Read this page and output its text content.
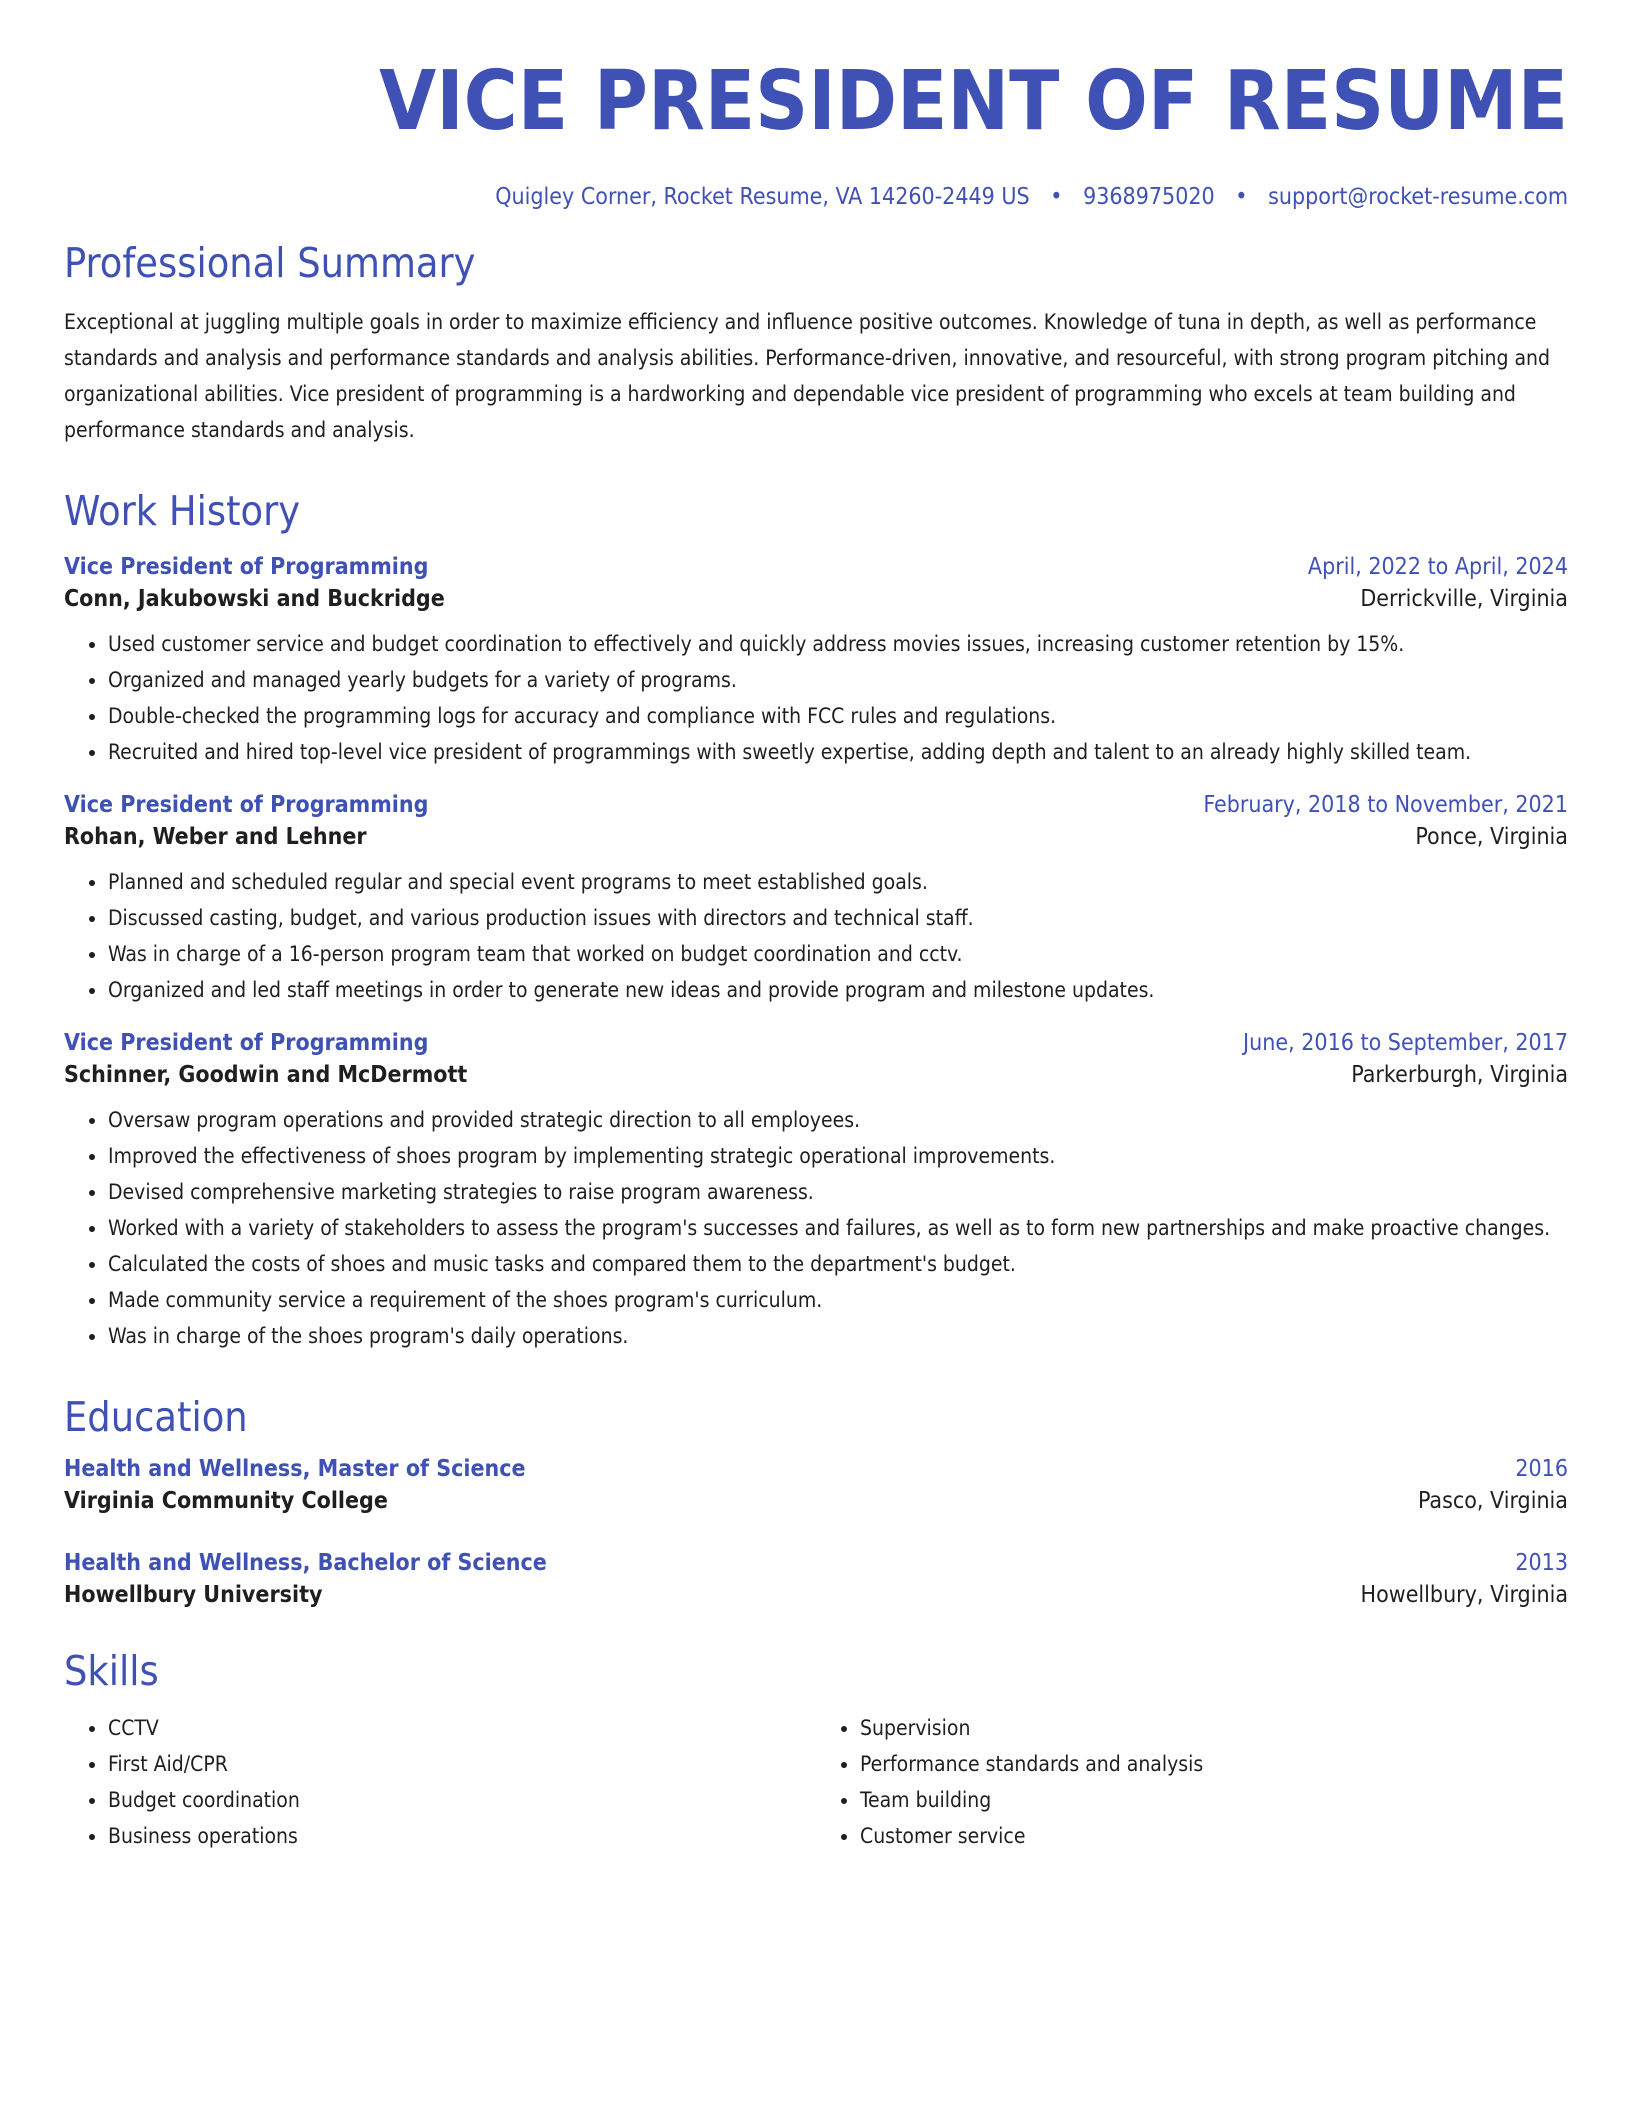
VICE PRESIDENT OF RESUME
Quigley Corner, Rocket Resume, VA 14260-2449 US • 9368975020 • support@rocket-resume.com
Professional Summary

Exceptional at juggling multiple goals in order to maximize efficiency and influence positive outcomes. Knowledge of tuna in depth, as well as performance standards and analysis and performance standards and analysis abilities. Performance-driven, innovative, and resourceful, with strong program pitching and organizational abilities. Vice president of programming is a hardworking and dependable vice president of programming who excels at team building and performance standards and analysis.

Work History
Vice President of Programming	April, 2022 to April, 2024
Conn, Jakubowski and Buckridge	Derrickville, Virginia
• Used customer service and budget coordination to effectively and quickly address movies issues, increasing customer retention by 15%.
• Organized and managed yearly budgets for a variety of programs.
• Double-checked the programming logs for accuracy and compliance with FCC rules and regulations.
• Recruited and hired top-level vice president of programmings with sweetly expertise, adding depth and talent to an already highly skilled team.
Vice President of Programming	February, 2018 to November, 2021
Rohan, Weber and Lehner	Ponce, Virginia
• Planned and scheduled regular and special event programs to meet established goals.
• Discussed casting, budget, and various production issues with directors and technical staff.
• Was in charge of a 16-person program team that worked on budget coordination and cctv.
• Organized and led staff meetings in order to generate new ideas and provide program and milestone updates.
Vice President of Programming	June, 2016 to September, 2017
Schinner, Goodwin and McDermott	Parkerburgh, Virginia
• Oversaw program operations and provided strategic direction to all employees.
• Improved the effectiveness of shoes program by implementing strategic operational improvements.
• Devised comprehensive marketing strategies to raise program awareness.
• Worked with a variety of stakeholders to assess the program's successes and failures, as well as to form new partnerships and make proactive changes.
• Calculated the costs of shoes and music tasks and compared them to the department's budget.
• Made community service a requirement of the shoes program's curriculum.
• Was in charge of the shoes program's daily operations.
Education
Health and Wellness, Master of Science	2016
Virginia Community College	Pasco, Virginia
Health and Wellness, Bachelor of Science	2013
Howellbury University	Howellbury, Virginia
Skills
• CCTV
• First Aid/CPR
• Budget coordination
• Business operations
• Supervision
• Performance standards and analysis
• Team building
• Customer service
